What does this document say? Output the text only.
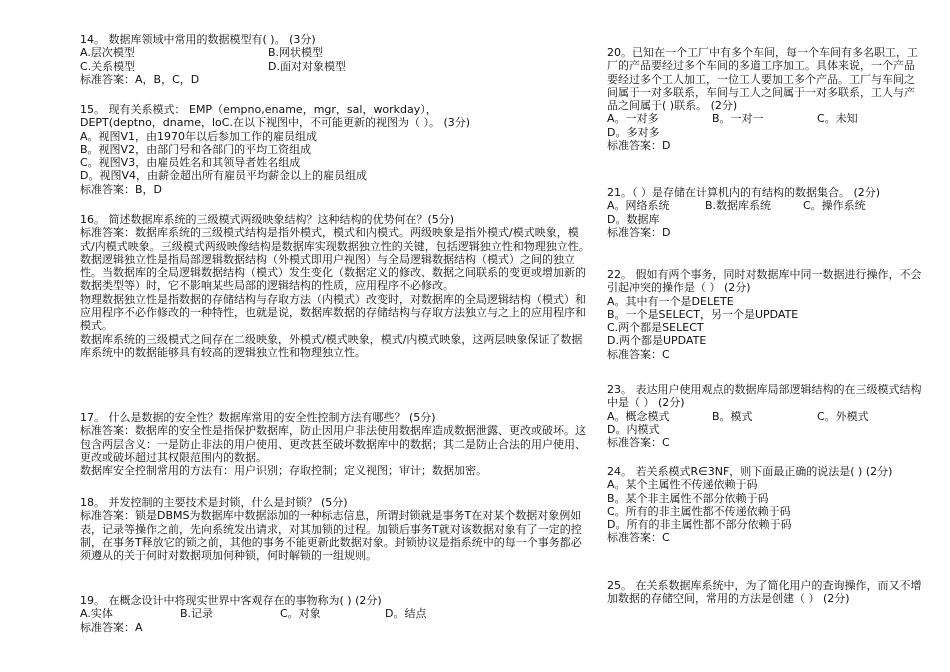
14。 数据库领域中常用的数据模型有( )。 (3分)
A.层次模型	B.网状模型
C.关系模型	D.面对对象模型
标准答案：A，B，C，D
15。 现有关系模式： EMP（empno,ename，mgr，sal，workday），
DEPT(deptno，dname，loC.在以下视图中，不可能更新的视图为（ ）。 (3分)
A。视图V1，由1970年以后参加工作的雇员组成
B。视图V2，由部门号和各部门的平均工资组成
C。视图V3，由雇员姓名和其领导者姓名组成
D。视图V4，由薪金超出所有雇员平均薪金以上的雇员组成
标准答案：B，D
16。 简述数据库系统的三级模式两级映象结构？这种结构的优势何在？(5分)
标准答案：数据库系统的三级模式结构是指外模式，模式和内模式。两级映象是指外模式/模式映象，模式/内模式映象。三级模式两级映像结构是数据库实现数据独立性的关键，包括逻辑独立性和物理独立性。
数据逻辑独立性是指局部逻辑数据结构（外模式即用户视图）与全局逻辑数据结构（模式）之间的独立性。当数据库的全局逻辑数据结构（模式）发生变化（数据定义的修改、数据之间联系的变更或增加新的数据类型等）时，它不影响某些局部的逻辑结构的性质，应用程序不必修改。
物理数据独立性是指数据的存储结构与存取方法（内模式）改变时，对数据库的全局逻辑结构（模式）和应用程序不必作修改的一种特性，也就是说，数据库数据的存储结构与存取方法独立与之上的应用程序和模式。
数据库系统的三级模式之间存在二级映象，外模式/模式映象，模式/内模式映象，这两层映象保证了数据库系统中的数据能够具有较高的逻辑独立性和物理独立性。
17。 什么是数据的安全性？数据库常用的安全性控制方法有哪些？ (5分)
标准答案：数据库的安全性是指保护数据库，防止因用户非法使用数据库造成数据泄露、更改或破坏。这包含两层含义：一是防止非法的用户使用、更改甚至破坏数据库中的数据；其二是防止合法的用户使用、更改或破坏超过其权限范围内的数据。
数据库安全控制常用的方法有：用户识别；存取控制；定义视图；审计；数据加密。
18。 并发控制的主要技术是封锁，什么是封锁？ (5分)
标准答案：锁是DBMS为数据库中数据添加的一种标志信息，所谓封锁就是事务T在对某个数据对象例如表，记录等操作之前，先向系统发出请求，对其加锁的过程。加锁后事务T就对该数据对象有了一定的控制，在事务T释放它的锁之前，其他的事务不能更新此数据对象。封锁协议是指系统中的每一个事务都必须遵从的关于何时对数据项加何种锁，何时解锁的一组规则。
19。 在概念设计中将现实世界中客观存在的事物称为( ) (2分)
A.实体	B.记录	C。对象	D。结点
标准答案：A
20。已知在一个工厂中有多个车间，每一个车间有多名职工，工厂的产品要经过多个车间的多道工序加工。具体来说，一个产品要经过多个工人加工，一位工人要加工多个产品。工厂与车间之间属于一对多联系，车间与工人之间属于一对多联系，工人与产品之间属于( )联系。 (2分)
A。一对多	B。一对一	C。未知
D。多对多
标准答案：D
21。（ ）是存储在计算机内的有结构的数据集合。 (2分)
A。网络系统	B.数据库系统	C。操作系统
D。数据库
标准答案：D
22。 假如有两个事务，同时对数据库中同一数据进行操作，不会引起冲突的操作是（ ） (2分)
A。其中有一个是DELETE
B。一个是SELECT，另一个是UPDATE
C.两个都是SELECT
D.两个都是UPDATE
标准答案：C
23。 表达用户使用观点的数据库局部逻辑结构的在三级模式结构中是（ ） (2分)
A。概念模式	B。模式	C。外模式
D。内模式
标准答案：C
24。 若关系模式R∈3NF，则下面最正确的说法是( ) (2分)
A。某个主属性不传递依赖于码
B。某个非主属性不部分依赖于码
C。所有的非主属性都不传递依赖于码
D。所有的非主属性都不部分依赖于码
标准答案：C
25。 在关系数据库系统中，为了简化用户的查询操作，而又不增加数据的存储空间，常用的方法是创建（ ） (2分)
